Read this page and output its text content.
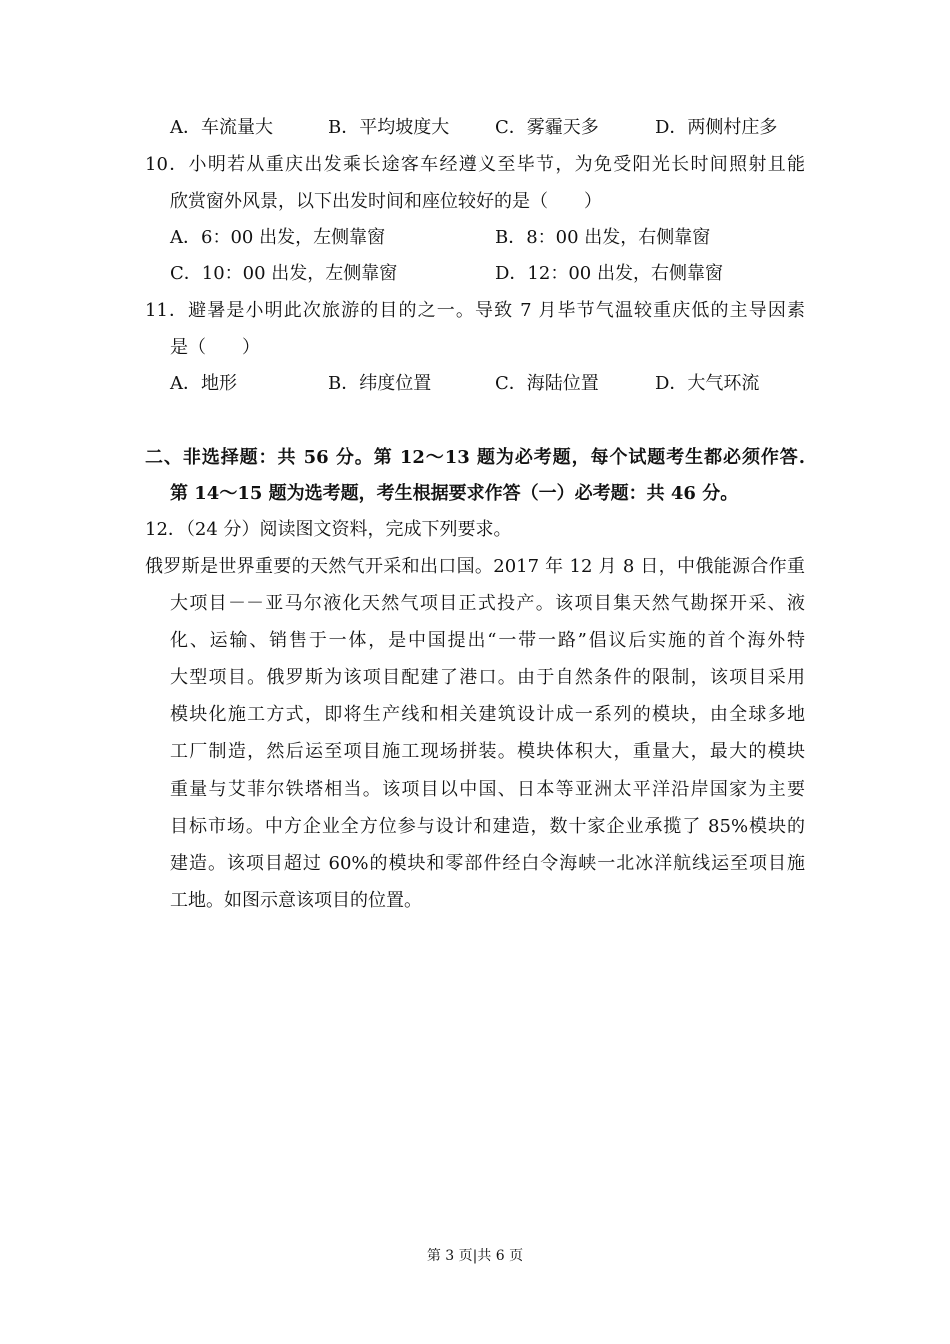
A．车流量大	B．平均坡度大	C．雾霾天多	D．两侧村庄多
10．小明若从重庆出发乘长途客车经遵义至毕节，为免受阳光长时间照射且能
欣赏窗外风景，以下出发时间和座位较好的是（　　）
A．6：00 出发，左侧靠窗	B．8：00 出发，右侧靠窗
C．10：00 出发，左侧靠窗	D．12：00 出发，右侧靠窗
11．避暑是小明此次旅游的目的之一。导致 7 月毕节气温较重庆低的主导因素
是（　　）
A．地形	B．纬度位置	C．海陆位置	D．大气环流
二、非选择题：共 56 分。第 12～13 题为必考题，每个试题考生都必须作答.
第 14～15 题为选考题，考生根据要求作答（一）必考题：共 46 分。
12．（24 分）阅读图文资料，完成下列要求。
俄罗斯是世界重要的天然气开采和出口国。2017 年 12 月 8 日，中俄能源合作重
大项目－－亚马尔液化天然气项目正式投产。该项目集天然气勘探开采、液
化、运输、销售于一体，是中国提出“一带一路”倡议后实施的首个海外特
大型项目。俄罗斯为该项目配建了港口。由于自然条件的限制，该项目采用
模块化施工方式，即将生产线和相关建筑设计成一系列的模块，由全球多地
工厂制造，然后运至项目施工现场拼装。模块体积大，重量大，最大的模块
重量与艾菲尔铁塔相当。该项目以中国、日本等亚洲太平洋沿岸国家为主要
目标市场。中方企业全方位参与设计和建造，数十家企业承揽了 85%模块的
建造。该项目超过 60%的模块和零部件经白令海峡一北冰洋航线运至项目施
工地。如图示意该项目的位置。
第 3 页|共 6 页
